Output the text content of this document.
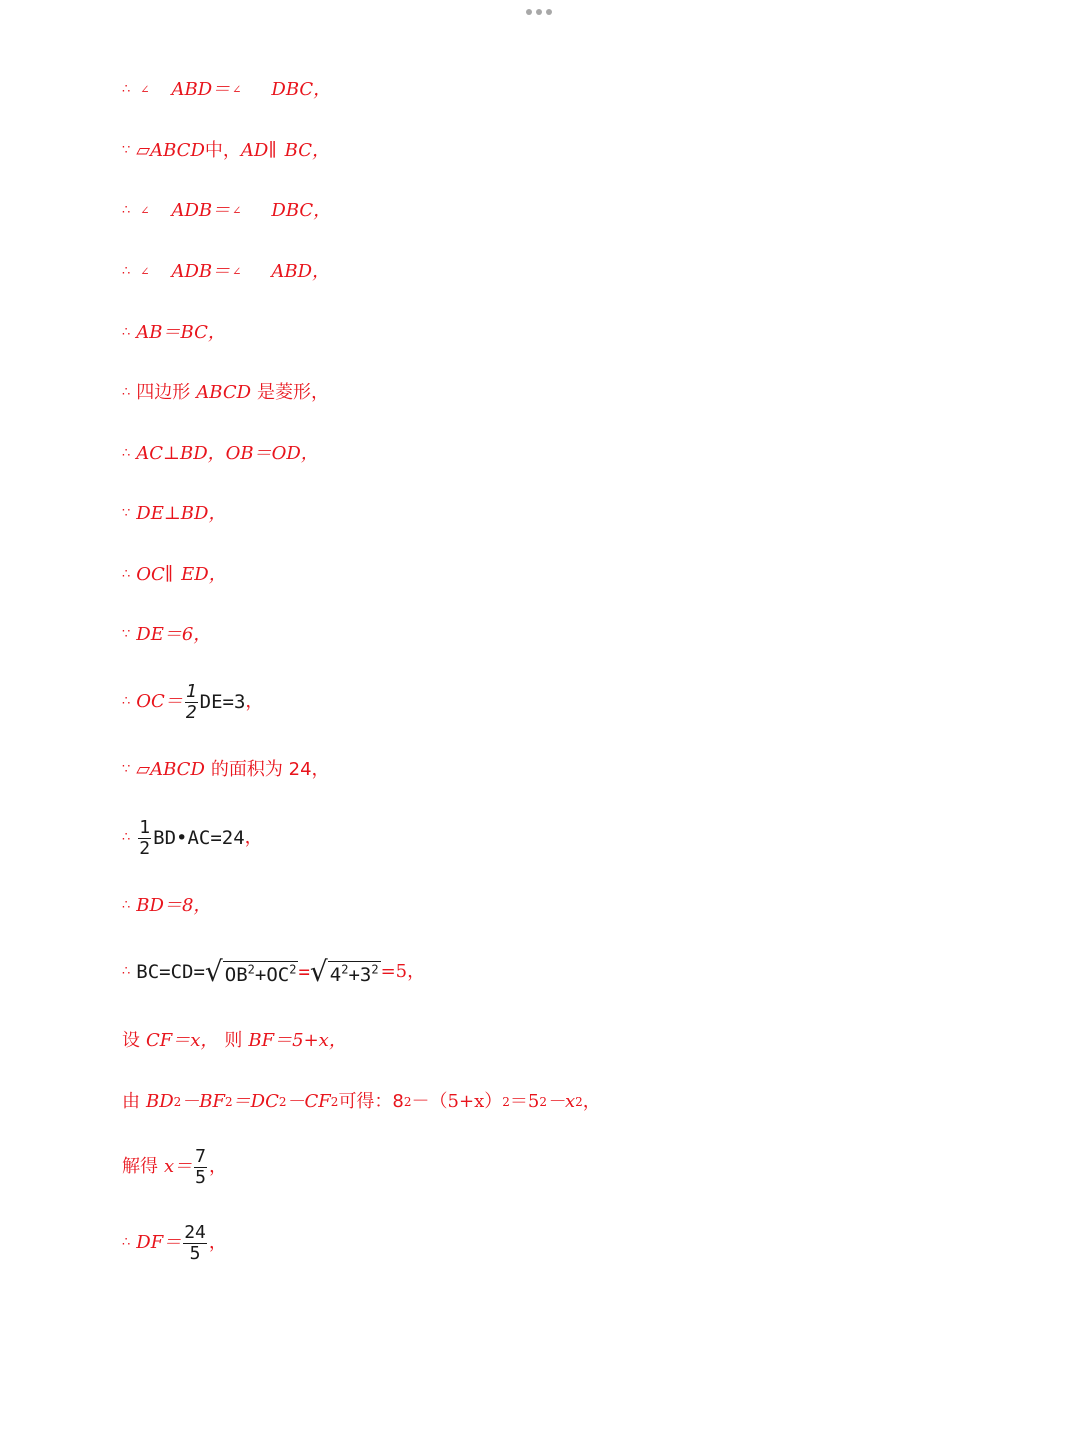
∴ ∠ ABD＝ ∠ DBC，
∵ ▱ABCD 中， AD∥ BC，
∴ ∠ ADB＝ ∠ DBC，
∴ ∠ ADB＝ ∠ ABD，
∴ AB＝BC，
∴ 四边形 ABCD 是菱形，
∴ AC⊥BD，OB＝OD，
∵ DE⊥BD，
∴ OC∥ ED，
∵ DE＝6，
∴ $OC= \frac{1}{2} DE=3$ ，
∵ ▱ABCD 的面积为 24，
∴ $\frac{1}{2}$ BD•AC=24 ，
∴ BD＝8，
∴ BC=CD= √ $OB^2+OC^2$ = √ $4^2+3^2 =5$，
设 CF＝x， 则 BF＝5+x，
由 BD 2 －BF 2 ＝DC 2 －CF 2 可得：8 2 －（5+x） 2 ＝5 2 －x 2 ，
解得 $x= \frac{7}{5}$ ，
∴ $DF= \frac{24}{5}$ ，
